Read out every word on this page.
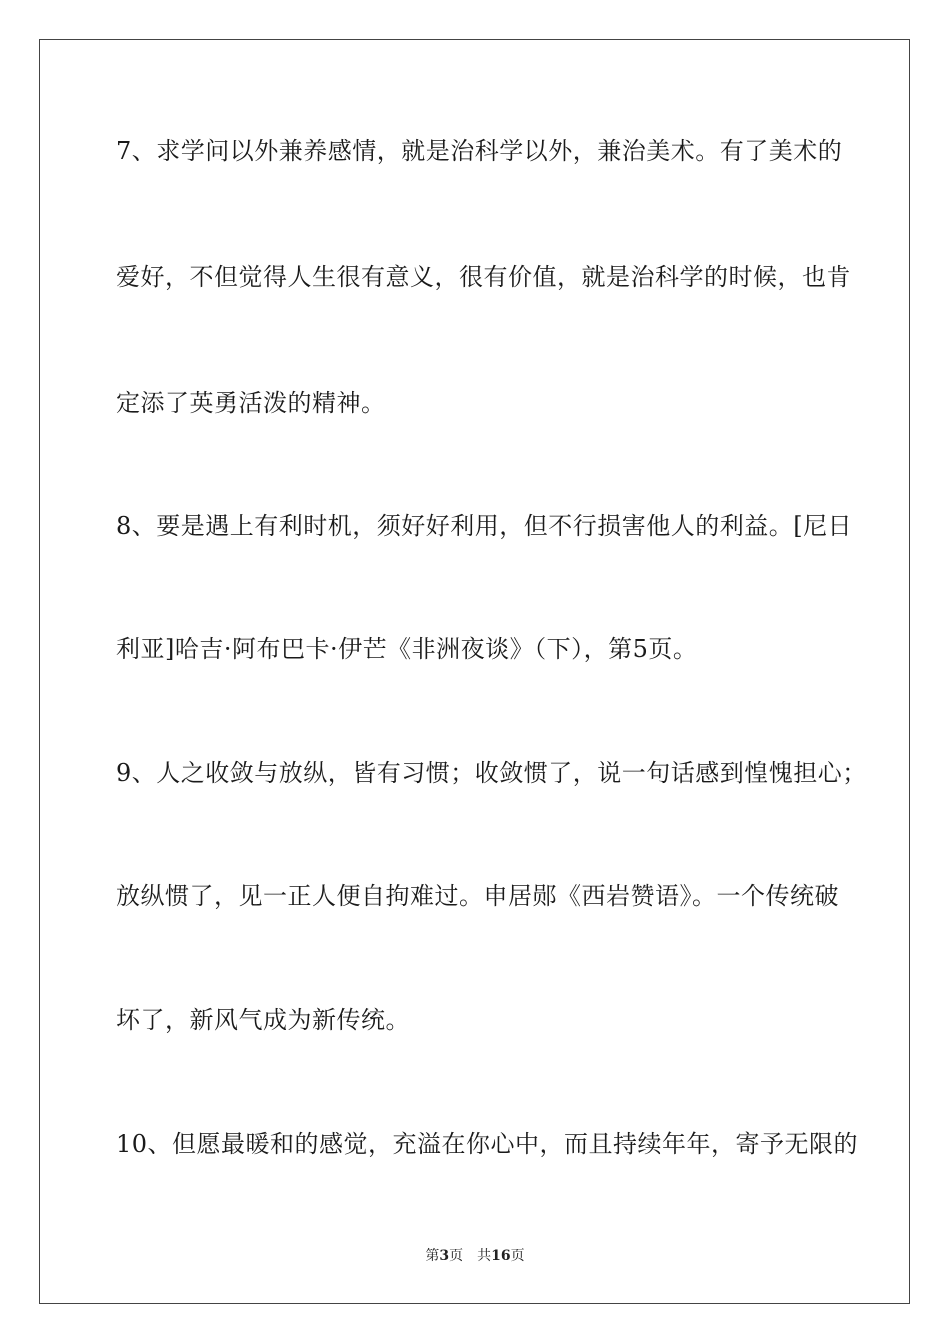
7、求学问以外兼养感情，就是治科学以外，兼治美术。有了美术的
爱好，不但觉得人生很有意义，很有价值，就是治科学的时候，也肯
定添了英勇活泼的精神。
8、要是遇上有利时机，须好好利用，但不行损害他人的利益。[尼日
利亚]哈吉·阿布巴卡·伊芒《非洲夜谈》（下），第5页。
9、人之收敛与放纵，皆有习惯；收敛惯了，说一句话感到惶愧担心；
放纵惯了，见一正人便自拘难过。申居郧《西岩赞语》。一个传统破
坏了，新风气成为新传统。
10、但愿最暖和的感觉，充溢在你心中，而且持续年年，寄予无限的
第3页 共16页
